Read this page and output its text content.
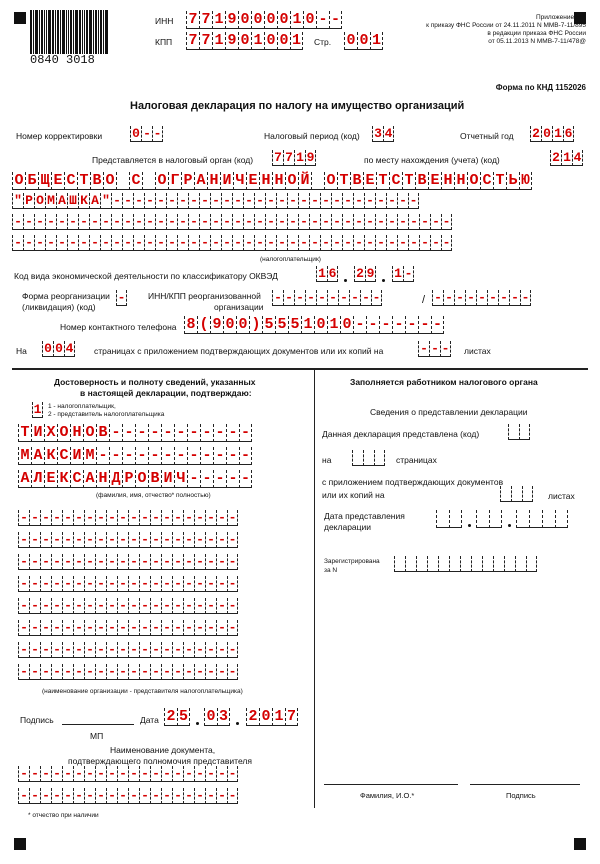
0840 3018
ИНН 7 7 1 9 0 0 0 0 1 0 - -
КПП 7 7 1 9 0 1 0 0 1 Стр. 0 0 1
Приложение N 1
к приказу ФНС России от 24.11.2011 N ММВ-7-11/895
в редакции приказа ФНС России
от 05.11.2013 N ММВ-7-11/478@
Форма по КНД 1152026
Налоговая декларация по налогу на имущество организаций
Номер корректировки 0 - -	Налоговый период (код) 3 4	Отчетный год 2 0 1 6
Представляется в налоговый орган (код) 7 7 1 9	по месту нахождения (учета) (код)	2 1 4
О Б Щ Е С Т В О С О Г Р А Н И Ч Е Н Н О Й О Т В Е Т С Т В Е Н Н О С Т Ь Ю
" Р О М А Ш К А " - - - - - - - - - - - - - - - - - - - - - - - - - - - -
- - - - - - - - - - - - - - - - - - - - - - - - - - - - - - - - - - - - - - - -
- - - - - - - - - - - - - - - - - - - - - - - - - - - - - - - - - - - - - - - -
(налогоплательщик)
Код вида экономической деятельности по классификатору ОКВЭД	1 6 2 9 1 -
Форма реорганизации
(ликвидация) (код)
-	ИНН/КПП реорганизованной
организации
- - - - - - - - - -	/ - - - - - - - - -
Номер контактного телефона 8 ( 9 0 0 ) 5 5 5 1 0 1 0 - - - - - - -
На 0 0 4 страницах с приложением подтверждающих документов или их копий на	- - - листах
Достоверность и полноту сведений, указанных
в настоящей декларации, подтверждаю:
1 1 - налогоплательщик,
2 - представитель налогоплательщика
Т И Х О Н О В - - - - - - - - - - -
М А К С И М - - - - - - - - - - - -
А Л Е К С А Н Д Р О В И Ч - - - - -
(фамилия, имя, отчество* полностью)
- - - - - - - - - - - - - - - - - - - -
- - - - - - - - - - - - - - - - - - - -
- - - - - - - - - - - - - - - - - - - -
- - - - - - - - - - - - - - - - - - - -
- - - - - - - - - - - - - - - - - - - -
- - - - - - - - - - - - - - - - - - - -
- - - - - - - - - - - - - - - - - - - -
- - - - - - - - - - - - - - - - - - - -
(наименование организации - представителя налогоплательщика)
Подпись	Дата 2 5 0 3 2 0 1 7
МП
Наименование документа,
подтверждающего полномочия представителя
- - - - - - - - - - - - - - - - - - - -
- - - - - - - - - - - - - - - - - - - -
* отчество при наличии
Заполняется работником налогового органа
Сведения о представлении декларации
Данная декларация представлена (код)
на	страницах
с приложением подтверждающих документов
или их копий на	листах
Дата представления
декларации
Зарегистрирована
за N
Фамилия, И.О.*	Подпись
